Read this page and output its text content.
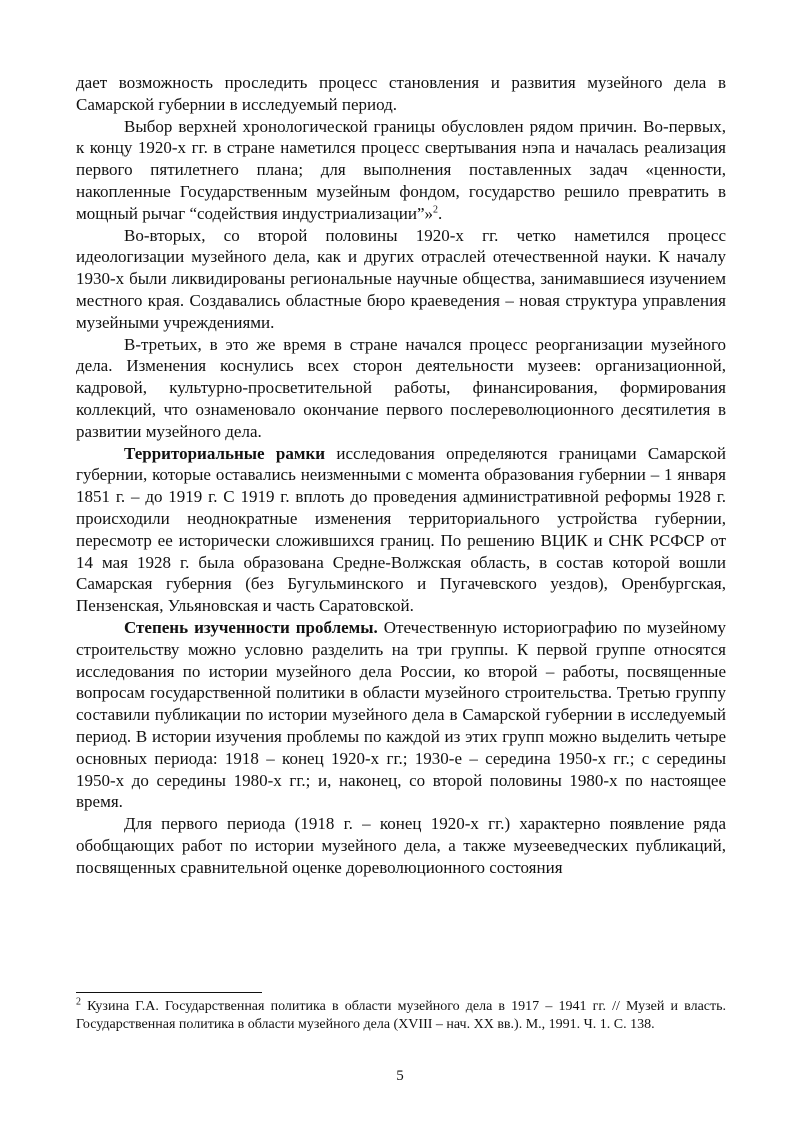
дает возможность проследить процесс становления и развития музейного дела в Самарской губернии в исследуемый период.

Выбор верхней хронологической границы обусловлен рядом причин. Во-первых, к концу 1920-х гг. в стране наметился процесс свертывания нэпа и началась реализация первого пятилетнего плана; для выполнения поставленных задач «ценности, накопленные Государственным музейным фондом, государство решило превратить в мощный рычаг “содействия индустриализации”»$^2$.

Во-вторых, со второй половины 1920-х гг. четко наметился процесс идеологизации музейного дела, как и других отраслей отечественной науки. К началу 1930-х были ликвидированы региональные научные общества, занимавшиеся изучением местного края. Создавались областные бюро краеведения – новая структура управления музейными учреждениями.

В-третьих, в это же время в стране начался процесс реорганизации музейного дела. Изменения коснулись всех сторон деятельности музеев: организационной, кадровой, культурно-просветительной работы, финансирования, формирования коллекций, что ознаменовало окончание первого послереволюционного десятилетия в развитии музейного дела.

Территориальные рамки исследования определяются границами Самарской губернии, которые оставались неизменными с момента образования губернии – 1 января 1851 г. – до 1919 г. С 1919 г. вплоть до проведения административной реформы 1928 г. происходили неоднократные изменения территориального устройства губернии, пересмотр ее исторически сложившихся границ. По решению ВЦИК и СНК РСФСР от 14 мая 1928 г. была образована Средне-Волжская область, в состав которой вошли Самарская губерния (без Бугульминского и Пугачевского уездов), Оренбургская, Пензенская, Ульяновская и часть Саратовской.

Степень изученности проблемы. Отечественную историографию по музейному строительству можно условно разделить на три группы. К первой группе относятся исследования по истории музейного дела России, ко второй – работы, посвященные вопросам государственной политики в области музейного строительства. Третью группу составили публикации по истории музейного дела в Самарской губернии в исследуемый период. В истории изучения проблемы по каждой из этих групп можно выделить четыре основных периода: 1918 – конец 1920-х гг.; 1930-е – середина 1950-х гг.; с середины 1950-х до середины 1980-х гг.; и, наконец, со второй половины 1980-х по настоящее время.

Для первого периода (1918 г. – конец 1920-х гг.) характерно появление ряда обобщающих работ по истории музейного дела, а также музееведческих публикаций, посвященных сравнительной оценке дореволюционного состояния

$^2$ Кузина Г.А. Государственная политика в области музейного дела в 1917 – 1941 гг. // Музей и власть. Государственная политика в области музейного дела (XVIII – нач. XX вв.). М., 1991. Ч. 1. С. 138.

5
